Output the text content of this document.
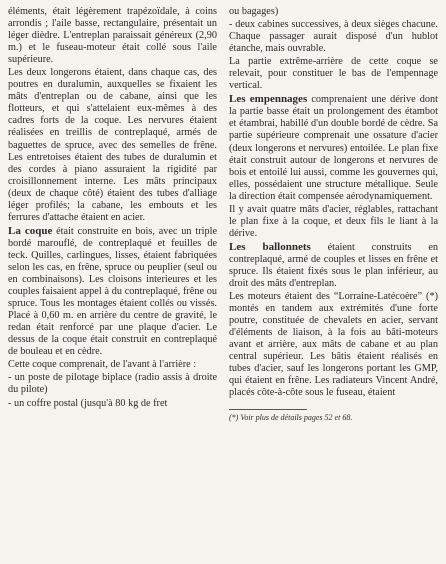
éléments, était légèrement trapézoïdale, à coins arrondis ; l'aile basse, rectangulaire, présentait un léger dièdre. L'entreplan paraissait généreux (2,90 m.) et le fuseau-moteur était collé sous l'aile supérieure.

Les deux longerons étaient, dans chaque cas, des poutres en duralumin, auxquelles se fixaient les mâts d'entreplan ou de cabane, ainsi que les flotteurs, et qui s'attelaient eux-mêmes à des cadres forts de la coque. Les nervures étaient réalisées en treillis de contreplaqué, armés de baguettes de spruce, avec des semelles de frêne. Les entretoises étaient des tubes de duralumin et des cordes à piano assuraient la rigidité par croisillonnement interne. Les mâts principaux (deux de chaque côté) étaient des tubes d'alliage léger profilés; la cabane, les embouts et les ferrures d'attache étaient en acier.

La coque était construite en bois, avec un triple bordé marouflé, de contreplaqué et feuilles de teck. Quilles, carlingues, lisses, étaient fabriquées selon les cas, en frêne, spruce ou peuplier (seul ou en combinaisons). Les cloisons interieures et les couples faisaient appel à du contreplaqué, frêne ou spruce. Tous les montages étaient collés ou vissés. Placé à 0,60 m. en arrière du centre de gravité, le redan était renforcé par une plaque d'acier. Le dessus de la coque était construit en contreplaqué de bouleau et en cèdre.

Cette coque comprenait, de l'avant à l'arrière :

- un poste de pilotage biplace (radio assis à droite du pilote)

- un coffre postal (jusqu'à 80 kg de fret

ou bagages)

- deux cabines successives, à deux sièges chacune. Chaque passager aurait disposé d'un hublot étanche, mais ouvrable.

La partie extrême-arrière de cette coque se relevait, pour constituer le bas de l'empennage vertical.

Les empennages comprenaient une dérive dont la partie basse était un prolongement des étambot et étambrai, habillé d'un double bordé de cèdre. Sa partie supérieure comprenait une ossature d'acier (deux longerons et nervures) entoilée. Le plan fixe était construit autour de longerons et nervures de bois et entoilé lui aussi, comme les gouvernes qui, elles, possédaient une structure métallique. Seule la direction était compensée aérodynamiquement.

Il y avait quatre mâts d'acier, réglables, rattachant le plan fixe à la coque, et deux fils le liant à la dérive.

Les ballonnets étaient construits en contreplaqué, armé de couples et lisses en frêne et spruce. Ils étaient fixés sous le plan inférieur, au droit des mâts d'entreplan.

Les moteurs étaient des “Lorraine-Latécoère” (*) montés en tandem aux extrémités d'une forte poutre, constituée de chevalets en acier, servant d'éléments de liaison, à la fois au bâti-moteurs avant et arrière, aux mâts de cabane et au plan central supérieur. Les bâtis étaient réalisés en tubes d'acier, sauf les longerons portant les GMP, qui étaient en frêne. Les radiateurs Vincent André, placés côte-à-côte sous le fuseau, étaient

(*) Voir plus de détails pages 52 et 68.
